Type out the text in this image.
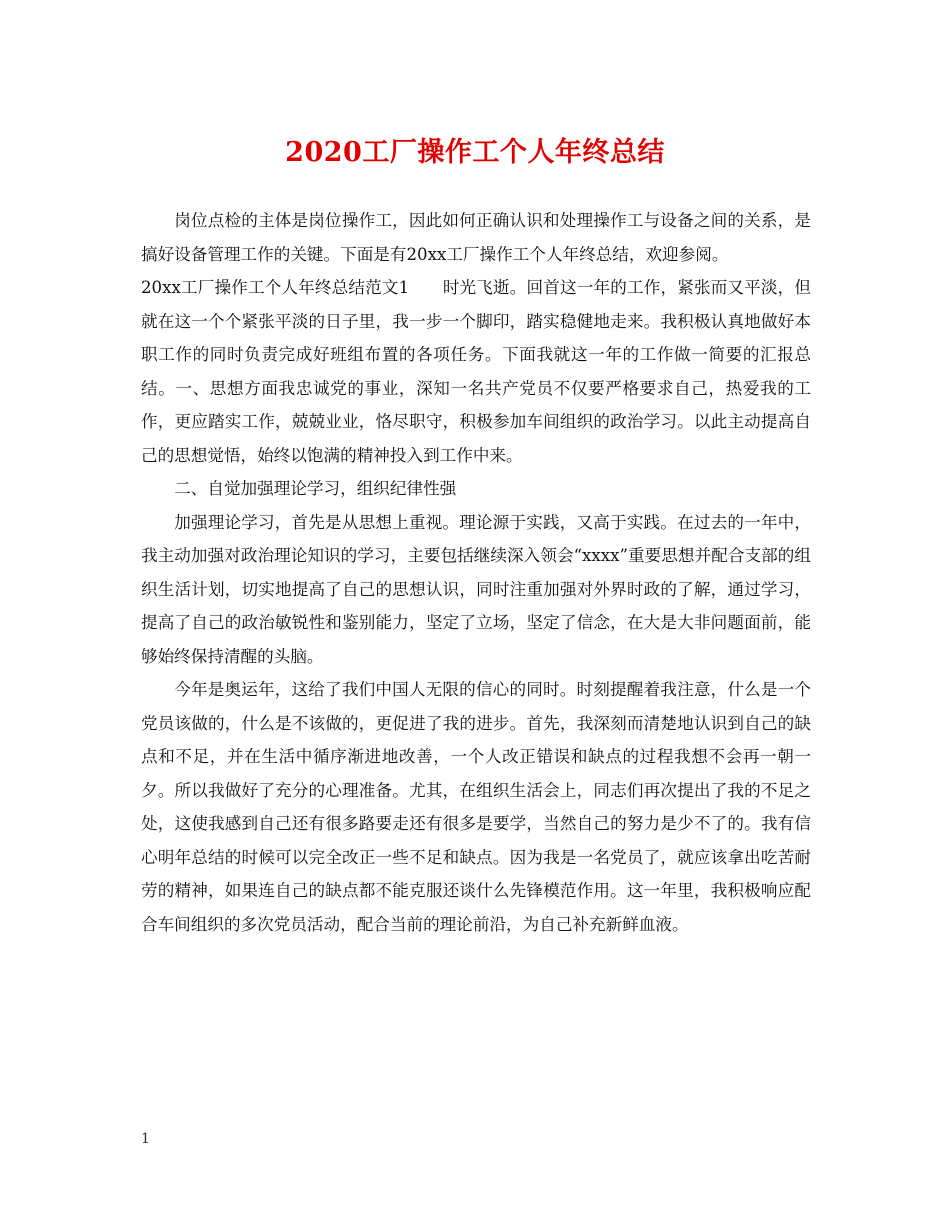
2020工厂操作工个人年终总结

岗位点检的主体是岗位操作工，因此如何正确认识和处理操作工与设备之间的关系，是搞好设备管理工作的关键。下面是有20xx工厂操作工个人年终总结，欢迎参阅。

20xx工厂操作工个人年终总结范文1　　时光飞逝。回首这一年的工作，紧张而又平淡，但就在这一个个紧张平淡的日子里，我一步一个脚印，踏实稳健地走来。我积极认真地做好本职工作的同时负责完成好班组布置的各项任务。下面我就这一年的工作做一简要的汇报总结。一、思想方面我忠诚党的事业，深知一名共产党员不仅要严格要求自己，热爱我的工作，更应踏实工作，兢兢业业，恪尽职守，积极参加车间组织的政治学习。以此主动提高自己的思想觉悟，始终以饱满的精神投入到工作中来。

二、自觉加强理论学习，组织纪律性强

加强理论学习，首先是从思想上重视。理论源于实践，又高于实践。在过去的一年中，我主动加强对政治理论知识的学习，主要包括继续深入领会“xxxx”重要思想并配合支部的组织生活计划，切实地提高了自己的思想认识，同时注重加强对外界时政的了解，通过学习，提高了自己的政治敏锐性和鉴别能力，坚定了立场，坚定了信念，在大是大非问题面前，能够始终保持清醒的头脑。

今年是奥运年，这给了我们中国人无限的信心的同时。时刻提醒着我注意，什么是一个党员该做的，什么是不该做的，更促进了我的进步。首先，我深刻而清楚地认识到自己的缺点和不足，并在生活中循序渐进地改善，一个人改正错误和缺点的过程我想不会再一朝一夕。所以我做好了充分的心理准备。尤其，在组织生活会上，同志们再次提出了我的不足之处，这使我感到自己还有很多路要走还有很多是要学，当然自己的努力是少不了的。我有信心明年总结的时候可以完全改正一些不足和缺点。因为我是一名党员了，就应该拿出吃苦耐劳的精神，如果连自己的缺点都不能克服还谈什么先锋模范作用。这一年里，我积极响应配合车间组织的多次党员活动，配合当前的理论前沿，为自己补充新鲜血液。

1
